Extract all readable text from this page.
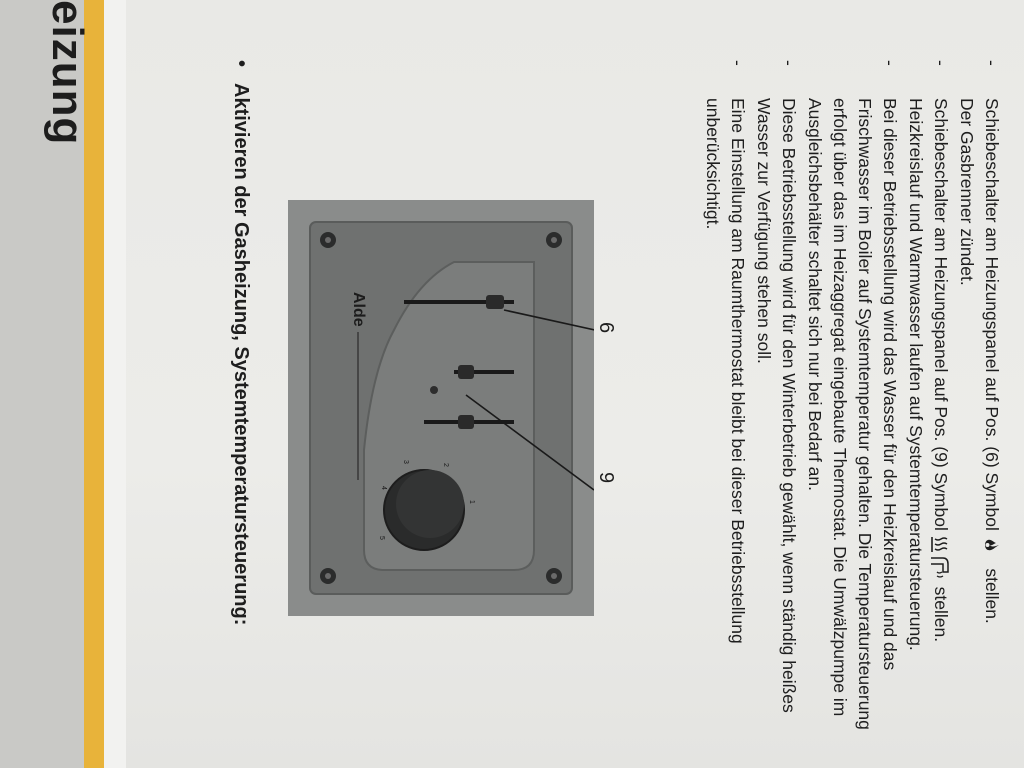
-
Schiebeschalter am Heizungspanel auf Pos. (6) Symbol    stellen.
Der Gasbrenner zündet.
-
Schiebeschalter am Heizungspanel auf Pos. (9) Symbol  stellen.
Heizkreislauf und Warmwasser laufen auf Systemtemperatursteuerung.
-
Bei dieser Betriebsstellung wird das Wasser für den Heizkreislauf und das Frischwasser im Boiler auf Systemtemperatur gehalten. Die Temperatursteuerung erfolgt über das im Heizaggregat eingebaute Thermostat. Die Umwälzpumpe im Ausgleichsbehälter schaltet sich nur bei Bedarf an.
-
Diese Betriebsstellung wird für den Winterbetrieb gewählt, wenn ständig heißes Wasser zur Verfügung stehen soll.
-
Eine Einstellung am Raumthermostat bleibt bei dieser Betriebsstellung unberücksichtigt.
Alde
1
2
3
4
5
9
6
•Aktivieren der Gasheizung, Systemtemperatursteuerung:
eizung
